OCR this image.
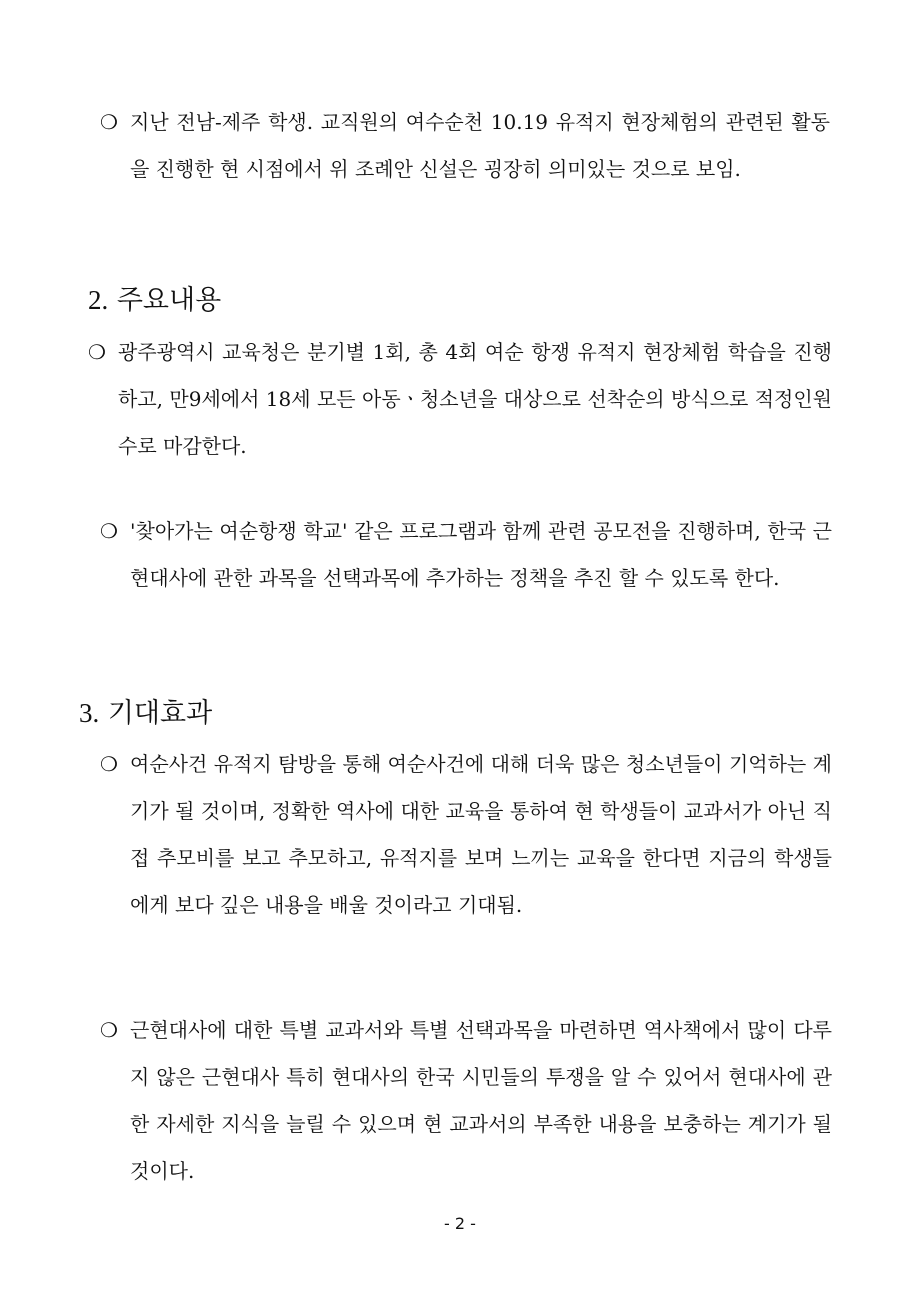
❍ 지난 전남-제주 학생. 교직원의 여수순천 10.19 유적지 현장체험의 관련된 활동을 진행한 현 시점에서 위 조례안 신설은 굉장히 의미있는 것으로 보임.
2. 주요내용
❍ 광주광역시 교육청은 분기별 1회, 총 4회 여순 항쟁 유적지 현장체험 학습을 진행하고, 만9세에서 18세 모든 아동ㆍ청소년을 대상으로 선착순의 방식으로 적정인원수로 마감한다.
❍ '찾아가는 여순항쟁 학교' 같은 프로그램과 함께 관련 공모전을 진행하며, 한국 근현대사에 관한 과목을 선택과목에 추가하는 정책을 추진 할 수 있도록 한다.
3. 기대효과
❍ 여순사건 유적지 탐방을 통해 여순사건에 대해 더욱 많은 청소년들이 기억하는 계기가 될 것이며, 정확한 역사에 대한 교육을 통하여 현 학생들이 교과서가 아닌 직접 추모비를 보고 추모하고, 유적지를 보며 느끼는 교육을 한다면 지금의 학생들에게 보다 깊은 내용을 배울 것이라고 기대됨.
❍ 근현대사에 대한 특별 교과서와 특별 선택과목을 마련하면 역사책에서 많이 다루지 않은 근현대사 특히 현대사의 한국 시민들의 투쟁을 알 수 있어서 현대사에 관한 자세한 지식을 늘릴 수 있으며 현 교과서의 부족한 내용을 보충하는 계기가 될 것이다.
- 2 -
